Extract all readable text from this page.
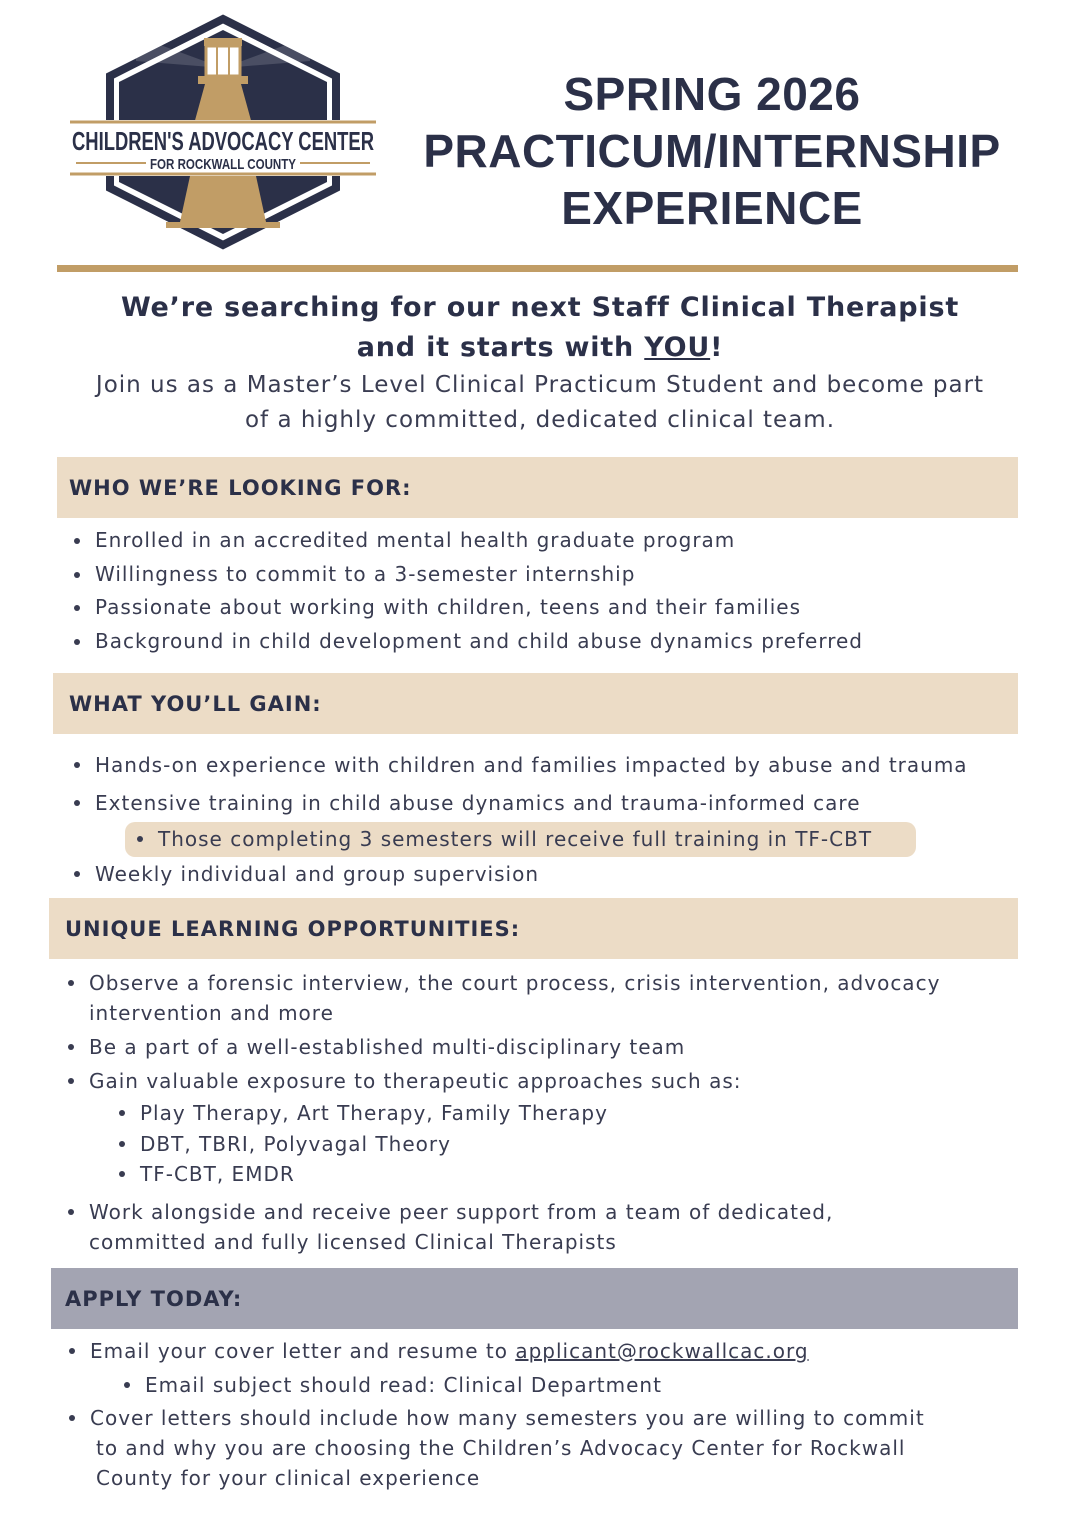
CHILDREN'S ADVOCACY CENTER
FOR ROCKWALL COUNTY
SPRING 2026
PRACTICUM/INTERNSHIP
EXPERIENCE
We’re searching for our next Staff Clinical Therapist
and it starts with YOU!
Join us as a Master’s Level Clinical Practicum Student and become part
of a highly committed, dedicated clinical team.
WHO WE’RE LOOKING FOR:
Enrolled in an accredited mental health graduate program
Willingness to commit to a 3-semester internship
Passionate about working with children, teens and their families
Background in child development and child abuse dynamics preferred
WHAT YOU’LL GAIN:
Hands-on experience with children and families impacted by abuse and trauma
Extensive training in child abuse dynamics and trauma-informed care
Those completing 3 semesters will receive full training in TF-CBT
Weekly individual and group supervision
UNIQUE LEARNING OPPORTUNITIES:
Observe a forensic interview, the court process, crisis intervention, advocacy
intervention and more
Be a part of a well-established multi-disciplinary team
Gain valuable exposure to therapeutic approaches such as:
Play Therapy, Art Therapy, Family Therapy
DBT, TBRI, Polyvagal Theory
TF-CBT, EMDR
Work alongside and receive peer support from a team of dedicated,
committed and fully licensed Clinical Therapists
APPLY TODAY:
Email your cover letter and resume to applicant@rockwallcac.org
Email subject should read: Clinical Department
Cover letters should include how many semesters you are willing to commit
to and why you are choosing the Children’s Advocacy Center for Rockwall
County for your clinical experience
